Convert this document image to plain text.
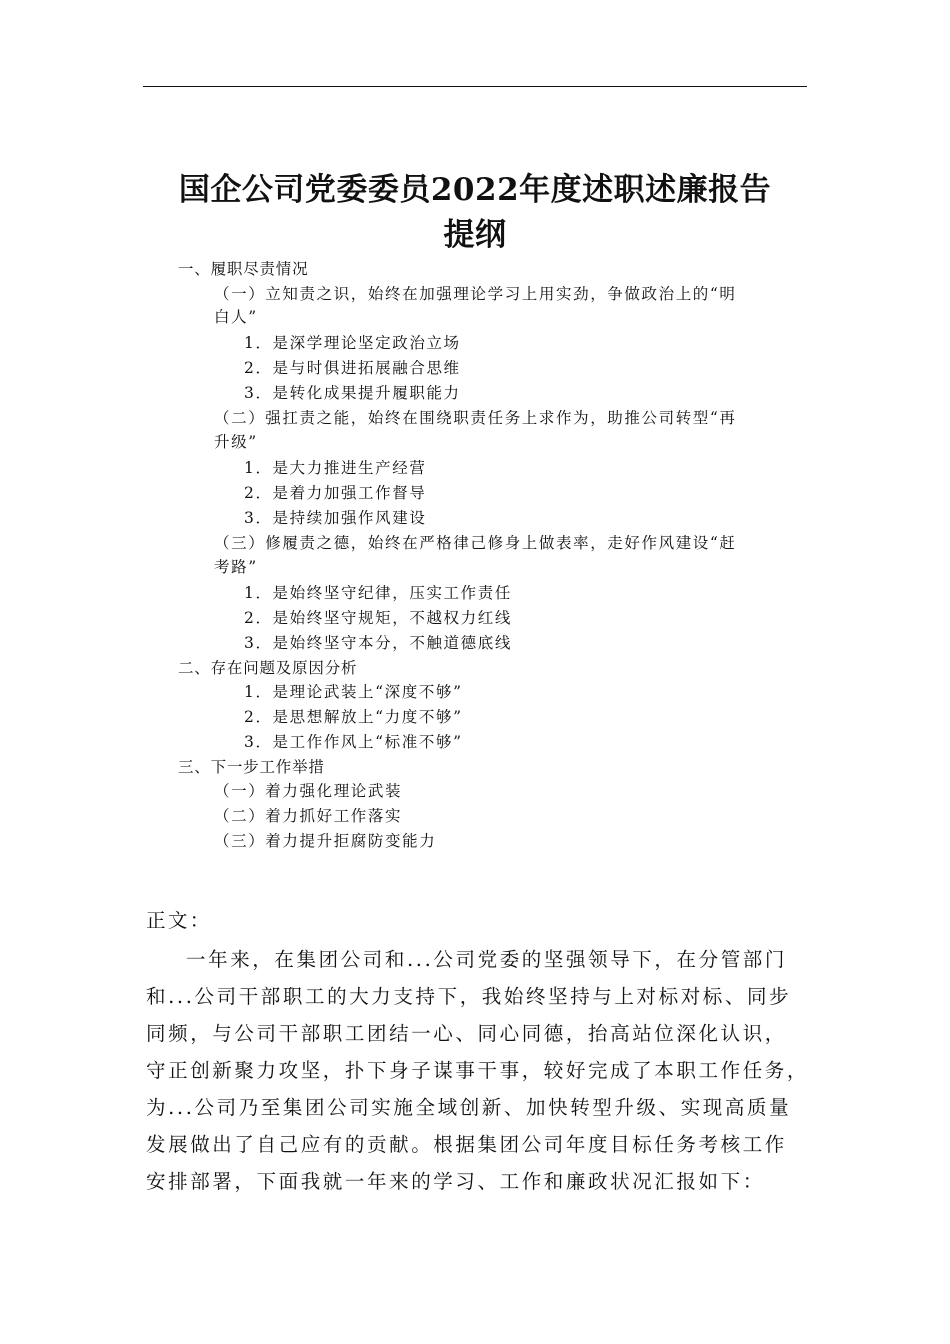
国企公司党委委员2022年度述职述廉报告
提纲
一、履职尽责情况
（一）立知责之识，始终在加强理论学习上用实劲，争做政治上的“明
白人”
1．是深学理论坚定政治立场
2．是与时俱进拓展融合思维
3．是转化成果提升履职能力
（二）强扛责之能，始终在围绕职责任务上求作为，助推公司转型“再
升级”
1．是大力推进生产经营
2．是着力加强工作督导
3．是持续加强作风建设
（三）修履责之德，始终在严格律己修身上做表率，走好作风建设“赶
考路”
1．是始终坚守纪律，压实工作责任
2．是始终坚守规矩，不越权力红线
3．是始终坚守本分，不触道德底线
二、存在问题及原因分析
1．是理论武装上“深度不够”
2．是思想解放上“力度不够”
3．是工作作风上“标准不够”
三、下一步工作举措
（一）着力强化理论武装
（二）着力抓好工作落实
（三）着力提升拒腐防变能力
正文：
一年来，在集团公司和...公司党委的坚强领导下，在分管部门
和...公司干部职工的大力支持下，我始终坚持与上对标对标、同步
同频，与公司干部职工团结一心、同心同德，抬高站位深化认识，
守正创新聚力攻坚，扑下身子谋事干事，较好完成了本职工作任务，
为...公司乃至集团公司实施全域创新、加快转型升级、实现高质量
发展做出了自己应有的贡献。根据集团公司年度目标任务考核工作
安排部署，下面我就一年来的学习、工作和廉政状况汇报如下：
